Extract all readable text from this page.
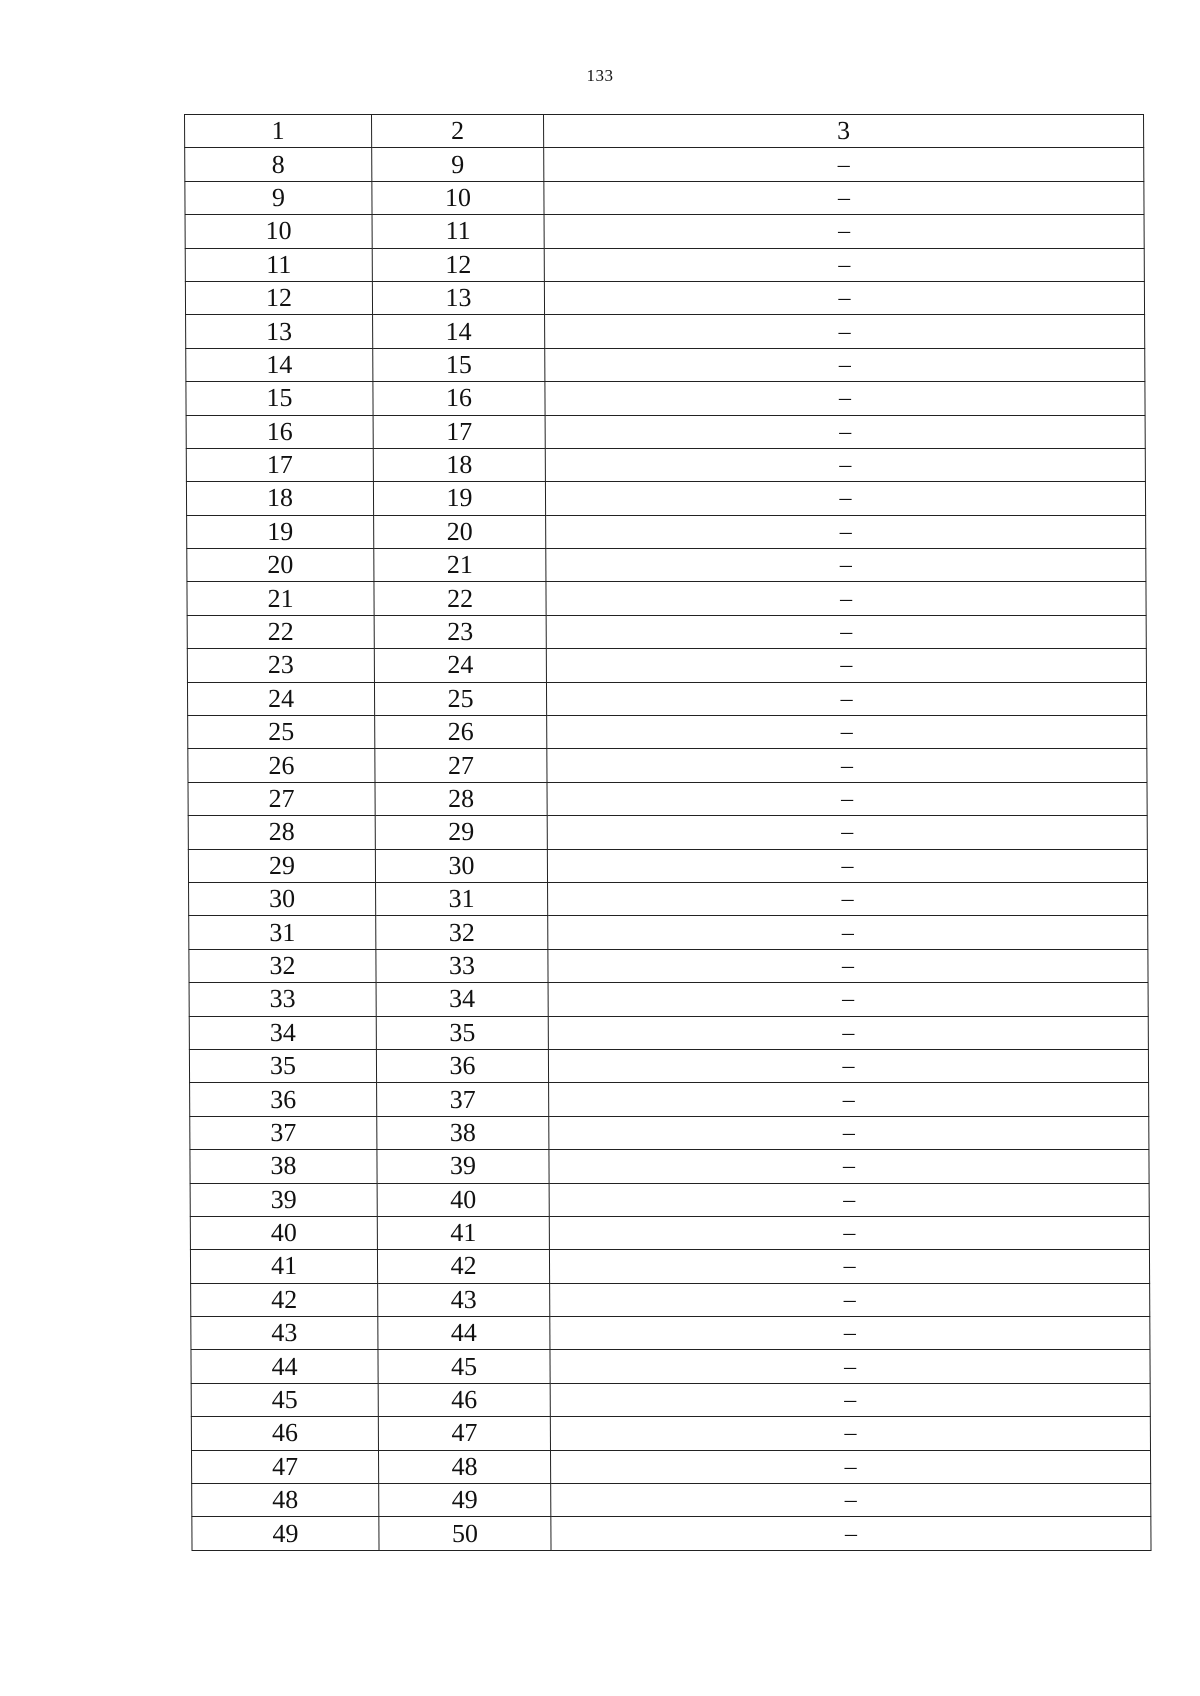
133
1	2	3
8	9	–
9	10	–
10	11	–
11	12	–
12	13	–
13	14	–
14	15	–
15	16	–
16	17	–
17	18	–
18	19	–
19	20	–
20	21	–
21	22	–
22	23	–
23	24	–
24	25	–
25	26	–
26	27	–
27	28	–
28	29	–
29	30	–
30	31	–
31	32	–
32	33	–
33	34	–
34	35	–
35	36	–
36	37	–
37	38	–
38	39	–
39	40	–
40	41	–
41	42	–
42	43	–
43	44	–
44	45	–
45	46	–
46	47	–
47	48	–
48	49	–
49	50	–
